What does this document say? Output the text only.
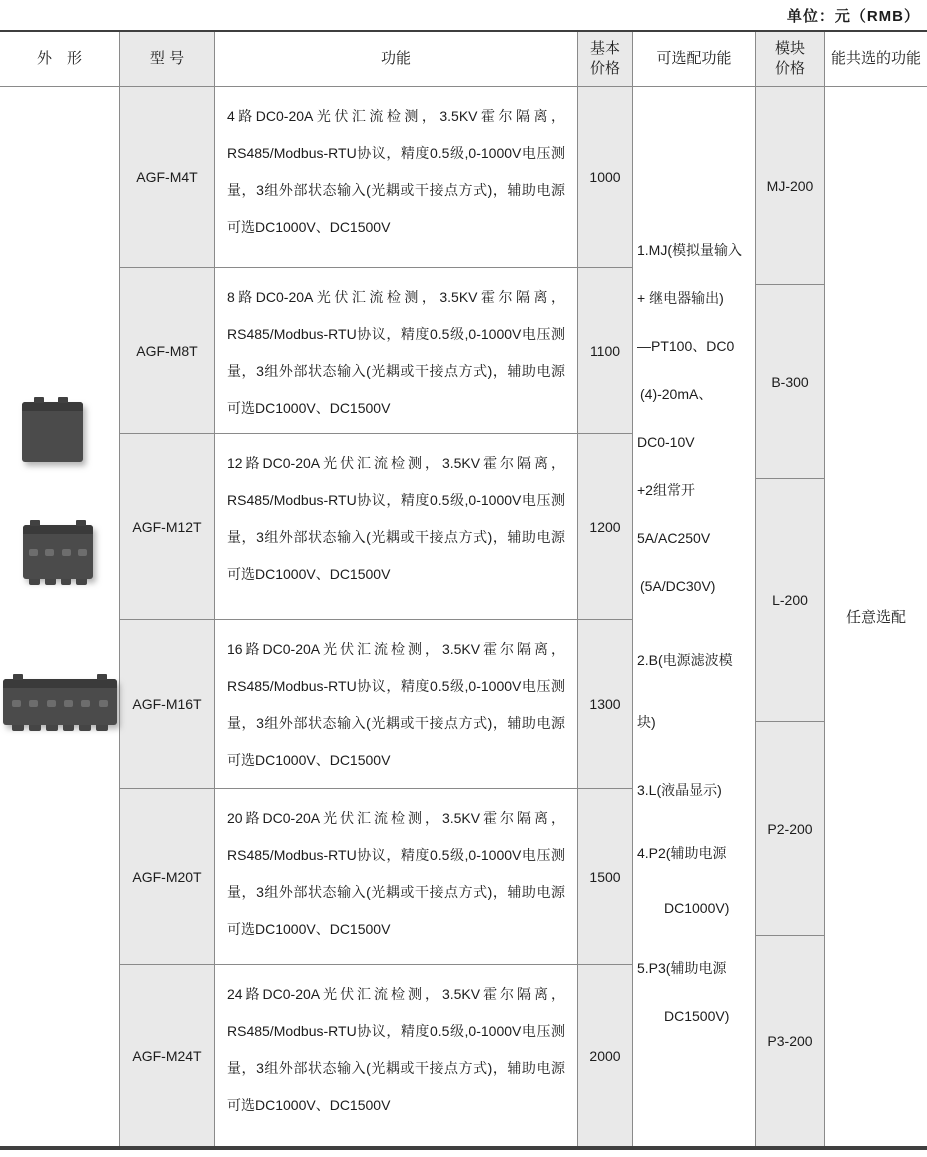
单位：元（RMB）
外　形	型 号
AGF-M4T
AGF-M8T
AGF-M12T
AGF-M16T
AGF-M20T
AGF-M24T
功能
4路DC0-20A光伏汇流检测，3.5KV霍尔隔离，RS485/Modbus-RTU协议，精度0.5级,0-1000V电压测量，3组外部状态输入(光耦或干接点方式)，辅助电源可选DC1000V、DC1500V
8路DC0-20A光伏汇流检测，3.5KV霍尔隔离，RS485/Modbus-RTU协议，精度0.5级,0-1000V电压测量，3组外部状态输入(光耦或干接点方式)，辅助电源可选DC1000V、DC1500V
12路DC0-20A光伏汇流检测，3.5KV霍尔隔离，RS485/Modbus-RTU协议，精度0.5级,0-1000V电压测量，3组外部状态输入(光耦或干接点方式)，辅助电源可选DC1000V、DC1500V
16路DC0-20A光伏汇流检测，3.5KV霍尔隔离，RS485/Modbus-RTU协议，精度0.5级,0-1000V电压测量，3组外部状态输入(光耦或干接点方式)，辅助电源可选DC1000V、DC1500V
20路DC0-20A光伏汇流检测，3.5KV霍尔隔离，RS485/Modbus-RTU协议，精度0.5级,0-1000V电压测量，3组外部状态输入(光耦或干接点方式)，辅助电源可选DC1000V、DC1500V
24路DC0-20A光伏汇流检测，3.5KV霍尔隔离，RS485/Modbus-RTU协议，精度0.5级,0-1000V电压测量，3组外部状态输入(光耦或干接点方式)，辅助电源可选DC1000V、DC1500V
基本
价格
1000
1100
1200
1300
1500
2000
可选配功能
1.MJ(模拟量输入
+ 继电器输出)
—PT100、DC0
(4)-20mA、
DC0-10V
+2组常开
5A/AC250V
(5A/DC30V)
2.B(电源滤波模
块)
3.L(液晶显示)
4.P2(辅助电源
DC1000V)
5.P3(辅助电源
DC1500V)
模块
价格
MJ-200
B-300
L-200
P2-200
P3-200
能共选的功能
任意选配
